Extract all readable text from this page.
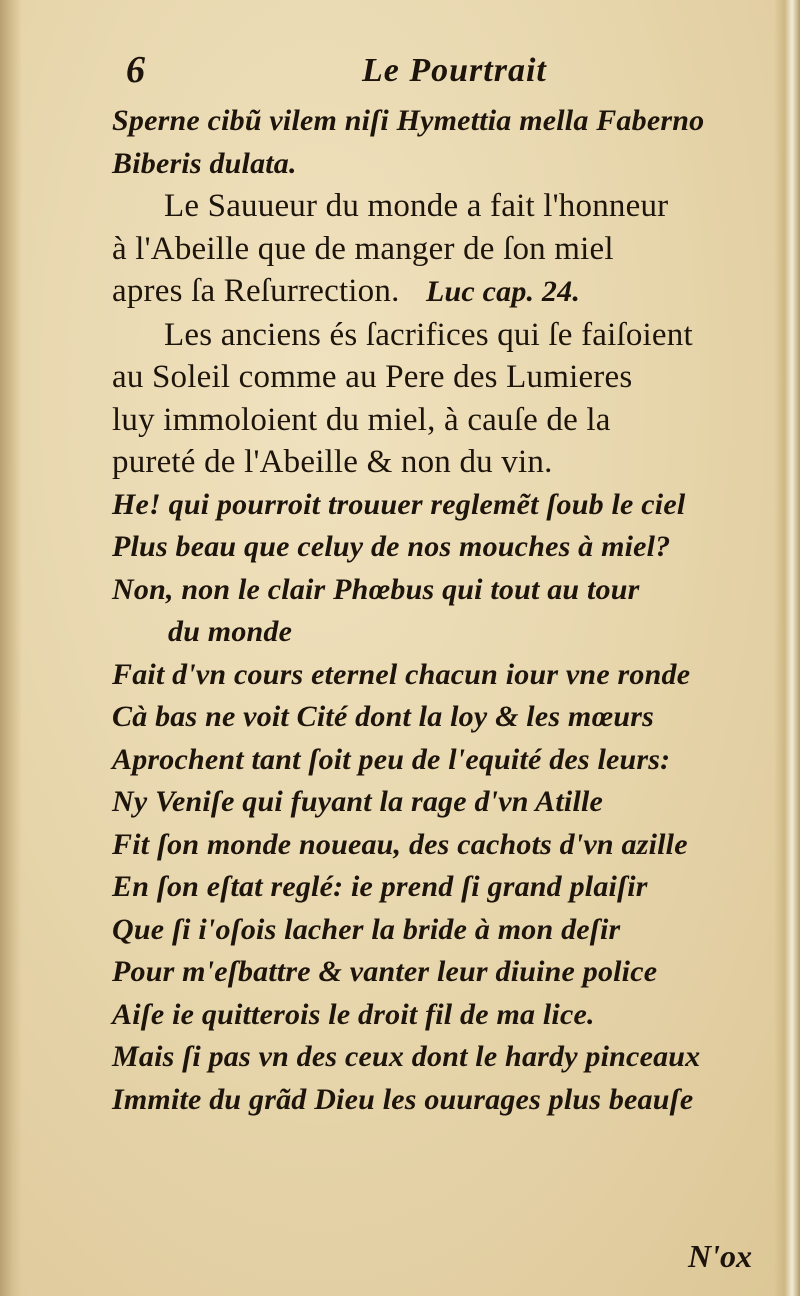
6	Le Pourtrait
Sperne cibũ vilem niſi Hymettia mella Faberno
Biberis dulata.
Le Sauueur du monde a fait l'honneur
à l'Abeille que de manger de ſon miel
apres ſa Reſurrection. Luc cap. 24.
Les anciens és ſacrifices qui ſe faiſoient
au Soleil comme au Pere des Lumieres
luy immoloient du miel, à cauſe de la
pureté de l'Abeille & non du vin.
He! qui pourroit trouuer reglemẽt ſoub le ciel
Plus beau que celuy de nos mouches à miel?
Non, non le clair Phœbus qui tout au tour
du monde
Fait d'vn cours eternel chacun iour vne ronde
Cà bas ne voit Cité dont la loy & les mœurs
Aprochent tant ſoit peu de l'equité des leurs:
Ny Veniſe qui fuyant la rage d'vn Atille
Fit ſon monde noueau, des cachots d'vn azille
En ſon eſtat reglé: ie prend ſi grand plaiſir
Que ſi i'oſois lacher la bride à mon deſir
Pour m'eſbattre & vanter leur diuine police
Aiſe ie quitterois le droit fil de ma lice.
Mais ſi pas vn des ceux dont le hardy pinceaux
Immite du grãd Dieu les ouurages plus beauſe
N'ox
